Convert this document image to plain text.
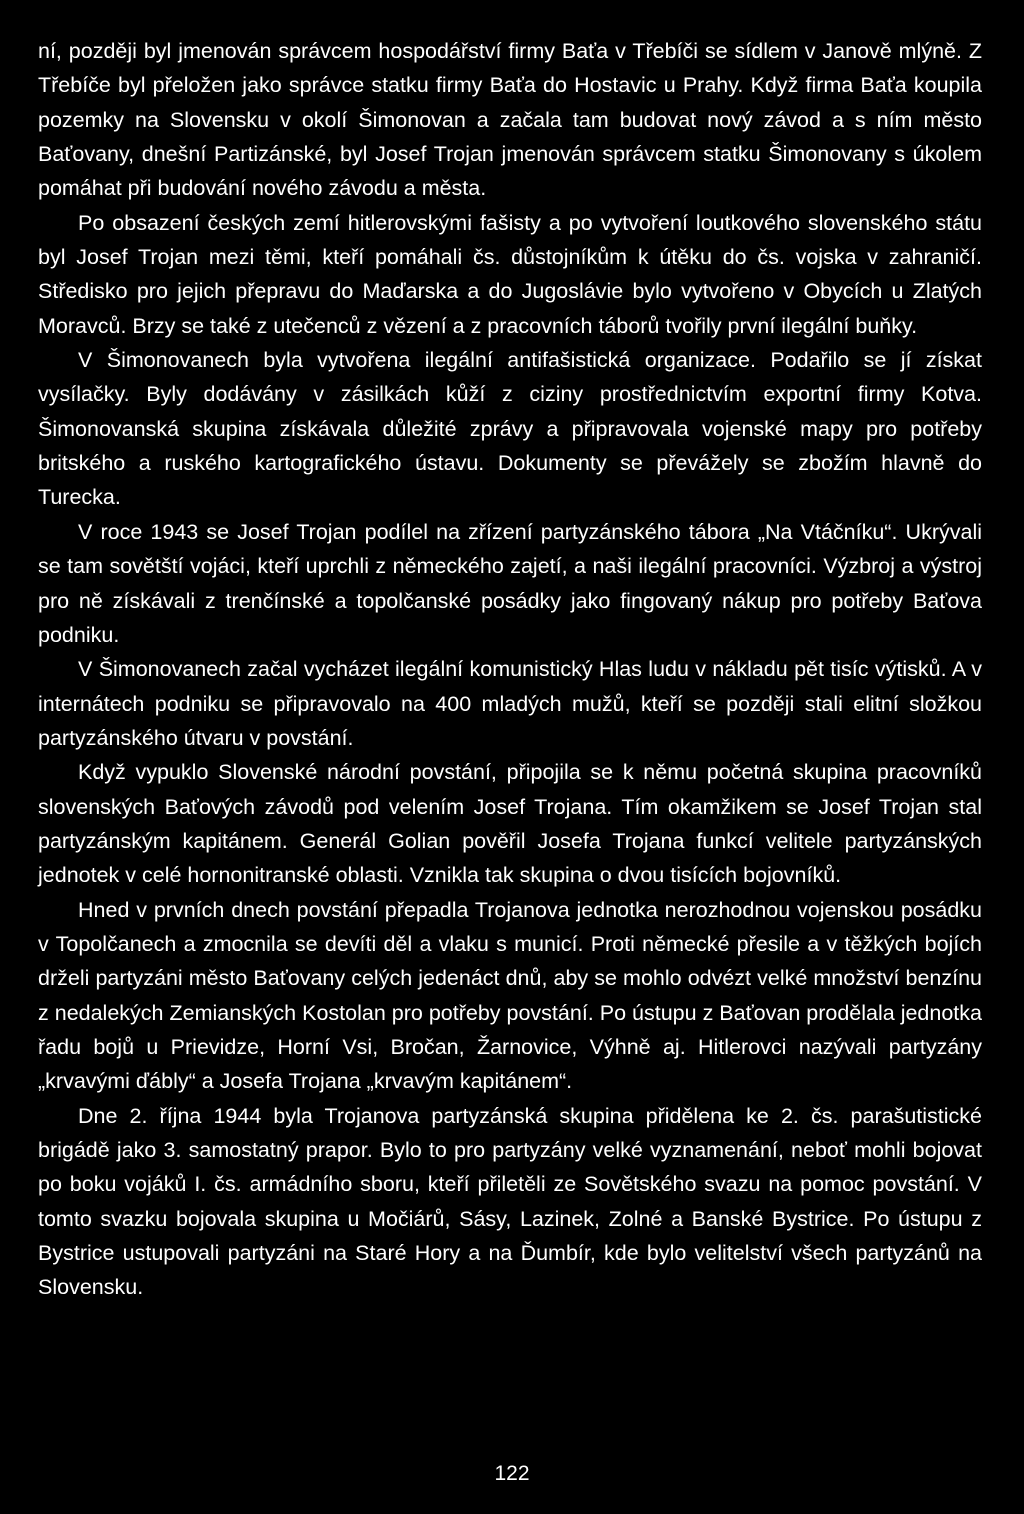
ní, později byl jmenován správcem hospodářství firmy Baťa v Třebíči se sídlem v Janově mlýně. Z Třebíče byl přeložen jako správce statku firmy Baťa do Hostavic u Prahy. Když firma Baťa koupila pozemky na Slovensku v okolí Šimonovan a začala tam budovat nový závod a s ním město Baťovany, dnešní Partizánské, byl Josef Trojan jmenován správcem statku Šimonovany s úkolem pomáhat při budování nového závodu a města.

Po obsazení českých zemí hitlerovskými fašisty a po vytvoření loutkového slovenského státu byl Josef Trojan mezi těmi, kteří pomáhali čs. důstojníkům k útěku do čs. vojska v zahraničí. Středisko pro jejich přepravu do Maďarska a do Jugoslávie bylo vytvořeno v Obycích u Zlatých Moravců. Brzy se také z utečenců z vězení a z pracovních táborů tvořily první ilegální buňky.

V Šimonovanech byla vytvořena ilegální antifašistická organizace. Podařilo se jí získat vysílačky. Byly dodávány v zásilkách kůží z ciziny prostřednictvím exportní firmy Kotva. Šimonovanská skupina získávala důležité zprávy a připravovala vojenské mapy pro potřeby britského a ruského kartografického ústavu. Dokumenty se převážely se zbožím hlavně do Turecka.

V roce 1943 se Josef Trojan podílel na zřízení partyzánského tábora „Na Vtáčníku“. Ukrývali se tam sovětští vojáci, kteří uprchli z německého zajetí, a naši ilegální pracovníci. Výzbroj a výstroj pro ně získávali z trenčínské a topolčanské posádky jako fingovaný nákup pro potřeby Baťova podniku.

V Šimonovanech začal vycházet ilegální komunistický Hlas ludu v nákladu pět tisíc výtisků. A v internátech podniku se připravovalo na 400 mladých mužů, kteří se později stali elitní složkou partyzánského útvaru v povstání.

Když vypuklo Slovenské národní povstání, připojila se k němu početná skupina pracovníků slovenských Baťových závodů pod velením Josef Trojana. Tím okamžikem se Josef Trojan stal partyzánským kapitánem. Generál Golian pověřil Josefa Trojana funkcí velitele partyzánských jednotek v celé hornonitranské oblasti. Vznikla tak skupina o dvou tisících bojovníků.

Hned v prvních dnech povstání přepadla Trojanova jednotka nerozhodnou vojenskou posádku v Topolčanech a zmocnila se devíti děl a vlaku s municí. Proti německé přesile a v těžkých bojích drželi partyzáni město Baťovany celých jedenáct dnů, aby se mohlo odvézt velké množství benzínu z nedalekých Zemianských Kostolan pro potřeby povstání. Po ústupu z Baťovan prodělala jednotka řadu bojů u Prievidze, Horní Vsi, Bročan, Žarnovice, Výhně aj. Hitlerovci nazývali partyzány „krvavými ďábly“ a Josefa Trojana „krvavým kapitánem“.

Dne 2. října 1944 byla Trojanova partyzánská skupina přidělena ke 2. čs. parašutistické brigádě jako 3. samostatný prapor. Bylo to pro partyzány velké vyznamenání, neboť mohli bojovat po boku vojáků I. čs. armádního sboru, kteří přiletěli ze Sovětského svazu na pomoc povstání. V tomto svazku bojovala skupina u Močiárů, Sásy, Lazinek, Zolné a Banské Bystrice. Po ústupu z Bystrice ustupovali partyzáni na Staré Hory a na Ďumbír, kde bylo velitelství všech partyzánů na Slovensku.

122
